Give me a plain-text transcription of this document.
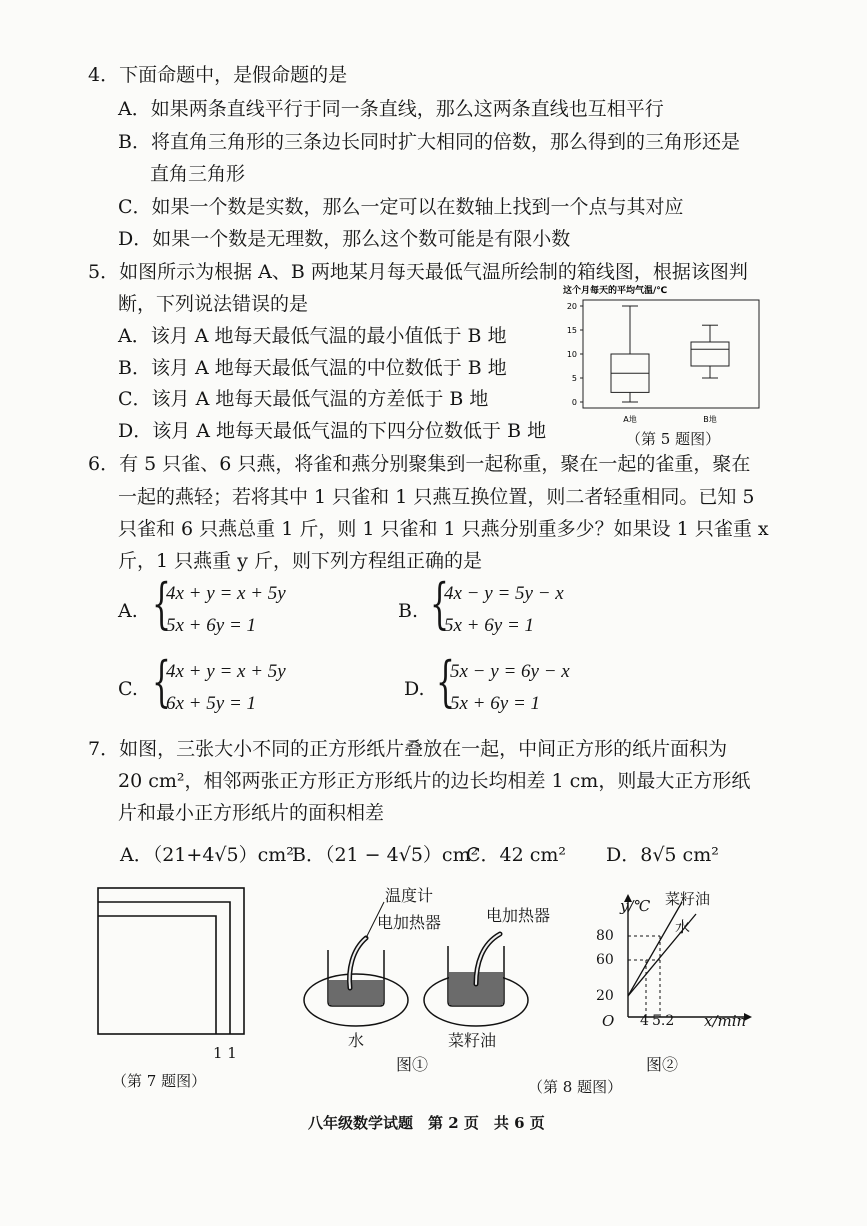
4．下面命题中，是假命题的是
A．如果两条直线平行于同一条直线，那么这两条直线也互相平行
B．将直角三角形的三条边长同时扩大相同的倍数，那么得到的三角形还是
直角三角形
C．如果一个数是实数，那么一定可以在数轴上找到一个点与其对应
D．如果一个数是无理数，那么这个数可能是有限小数
5．如图所示为根据 A、B 两地某月每天最低气温所绘制的箱线图，根据该图判
断，下列说法错误的是
A．该月 A 地每天最低气温的最小值低于 B 地
B．该月 A 地每天最低气温的中位数低于 B 地
C．该月 A 地每天最低气温的方差低于 B 地
D．该月 A 地每天最低气温的下四分位数低于 B 地
这个月每天的平均气温/℃
0
5
10
15
20
A地	B地
（第 5 题图）
6．有 5 只雀、6 只燕，将雀和燕分别聚集到一起称重，聚在一起的雀重，聚在
一起的燕轻；若将其中 1 只雀和 1 只燕互换位置，则二者轻重相同。已知 5
只雀和 6 只燕总重 1 斤，则 1 只雀和 1 只燕分别重多少？如果设 1 只雀重 x
斤，1 只燕重 y 斤，则下列方程组正确的是
A. {
4x + y = x + 5y
5x + 6y = 1
B. {
4x − y = 5y − x
5x + 6y = 1
C. {
4x + y = x + 5y
6x + 5y = 1
D. {
5x − y = 6y − x
5x + 6y = 1
7．如图，三张大小不同的正方形纸片叠放在一起，中间正方形的纸片面积为
20 cm²，相邻两张正方形正方形纸片的边长均相差 1 cm，则最大正方形纸
片和最小正方形纸片的面积相差
A．（21+4√5）cm²
B．（21 − 4√5）cm²
C．42 cm² D．8√5 cm²
1 1
（第 7 题图）
温度计
电加热器	电加热器
水	菜籽油
图①
y/℃ 菜籽油
水
80
60
20
O 4 5.2 x/min
图②
（第 8 题图）
八年级数学试题　第 2 页　共 6 页
